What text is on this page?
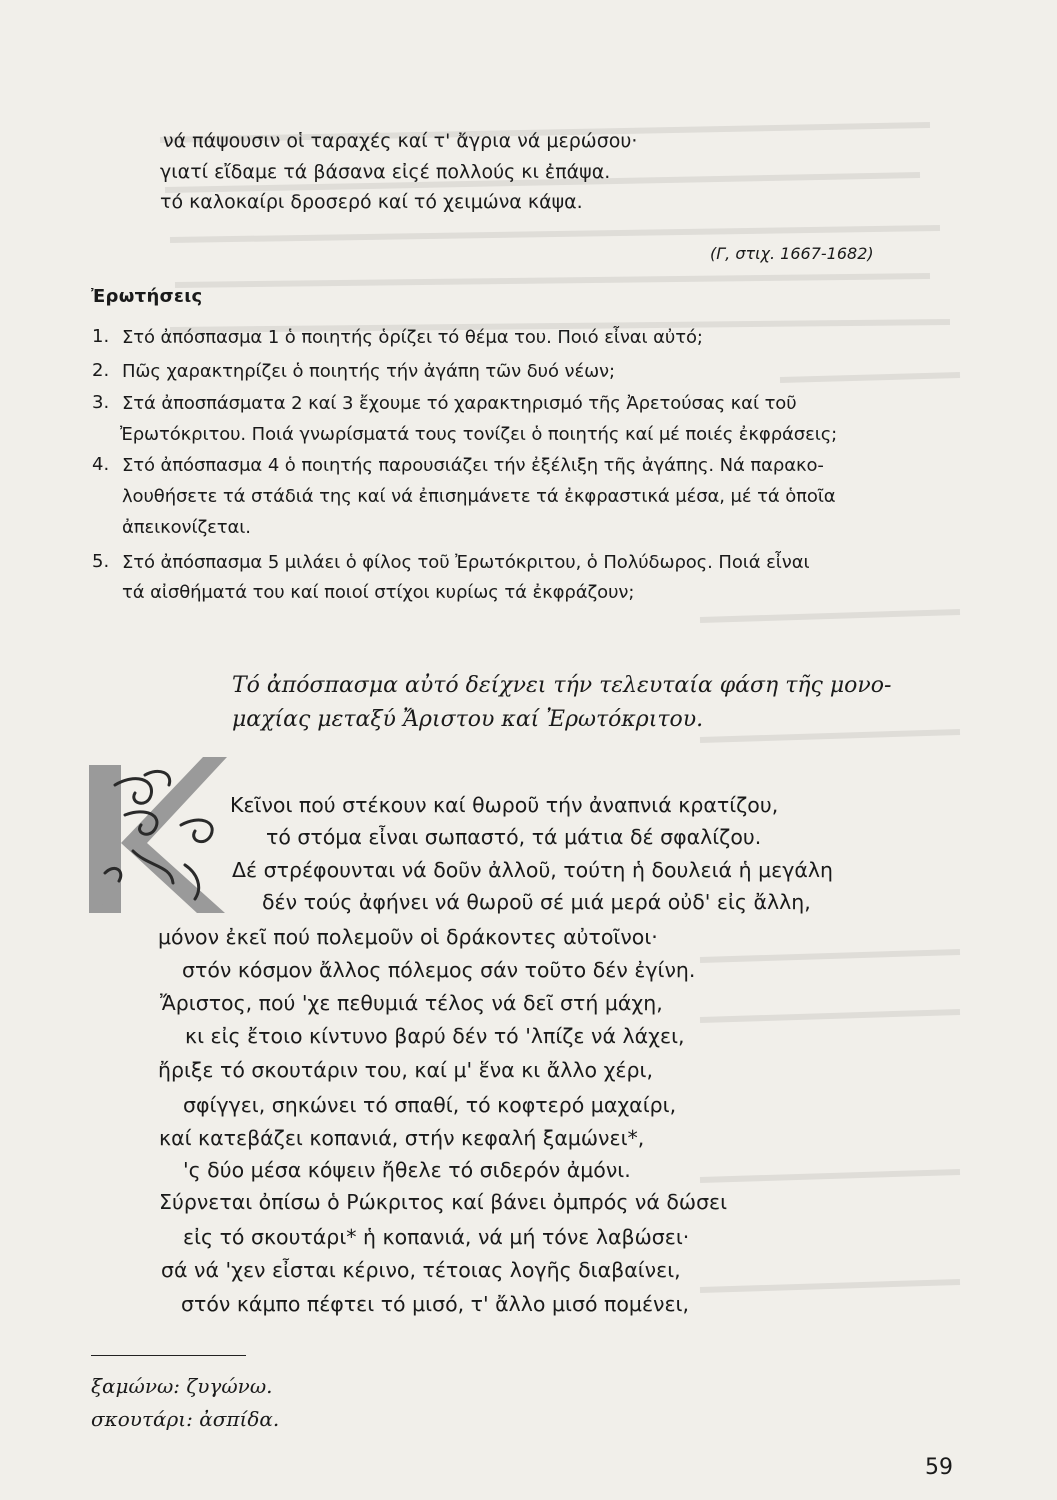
νά πάψουσιν οἱ ταραχές καί τ' ἄγρια νά μερώσου·
γιατί εἴδαμε τά βάσανα εἰςέ πολλούς κι ἐπάψα.
τό καλοκαίρι δροσερό καί τό χειμώνα κάψα.
(Γ, στιχ. 1667-1682)
Ἐρωτήσεις
1. Στό ἀπόσπασμα 1 ὁ ποιητής ὁρίζει τό θέμα του. Ποιό εἶναι αὐτό;
2. Πῶς χαρακτηρίζει ὁ ποιητής τήν ἀγάπη τῶν δυό νέων;
3. Στά ἀποσπάσματα 2 καί 3 ἔχουμε τό χαρακτηρισμό τῆς Ἀρετούσας καί τοῦ
Ἐρωτόκριτου. Ποιά γνωρίσματά τους τονίζει ὁ ποιητής καί μέ ποιές ἐκφράσεις;
4. Στό ἀπόσπασμα 4 ὁ ποιητής παρουσιάζει τήν ἐξέλιξη τῆς ἀγάπης. Νά παρακο-
λουθήσετε τά στάδιά της καί νά ἐπισημάνετε τά ἐκφραστικά μέσα, μέ τά ὁποῖα
ἀπεικονίζεται.
5. Στό ἀπόσπασμα 5 μιλάει ὁ φίλος τοῦ Ἐρωτόκριτου, ὁ Πολύδωρος. Ποιά εἶναι
τά αἰσθήματά του καί ποιοί στίχοι κυρίως τά ἐκφράζουν;
Τό ἀπόσπασμα αὐτό δείχνει τήν τελευταία φάση τῆς μονο-
μαχίας μεταξύ Ἄριστου καί Ἐρωτόκριτου.
Κ
Κεῖνοι πού στέκουν καί θωροῦ τήν ἀναπνιά κρατίζου,
τό στόμα εἶναι σωπαστό, τά μάτια δέ σφαλίζου.
Δέ στρέφουνται νά δοῦν ἀλλοῦ, τούτη ἡ δουλειά ἡ μεγάλη
δέν τούς ἀφήνει νά θωροῦ σέ μιά μερά οὐδ' εἰς ἄλλη,
μόνον ἐκεῖ πού πολεμοῦν οἱ δράκοντες αὐτοῖνοι·
στόν κόσμον ἄλλος πόλεμος σάν τοῦτο δέν ἐγίνη.
Ἄριστος, πού 'χε πεθυμιά τέλος νά δεῖ στή μάχη,
κι εἰς ἔτοιο κίντυνο βαρύ δέν τό 'λπίζε νά λάχει,
ἤριξε τό σκουτάριν του, καί μ' ἕνα κι ἄλλο χέρι,
σφίγγει, σηκώνει τό σπαθί, τό κοφτερό μαχαίρι,
καί κατεβάζει κοπανιά, στήν κεφαλή ξαμώνει*,
'ς δύο μέσα κόψειν ἤθελε τό σιδερόν ἀμόνι.
Σύρνεται ὀπίσω ὁ Ρώκριτος καί βάνει ὀμπρός νά δώσει
εἰς τό σκουτάρι* ἡ κοπανιά, νά μή τόνε λαβώσει·
σά νά 'χεν εἶσται κέρινο, τέτοιας λογῆς διαβαίνει,
στόν κάμπο πέφτει τό μισό, τ' ἄλλο μισό πομένει,
ξαμώνω: ζυγώνω.
σκουτάρι: ἀσπίδα.
59
